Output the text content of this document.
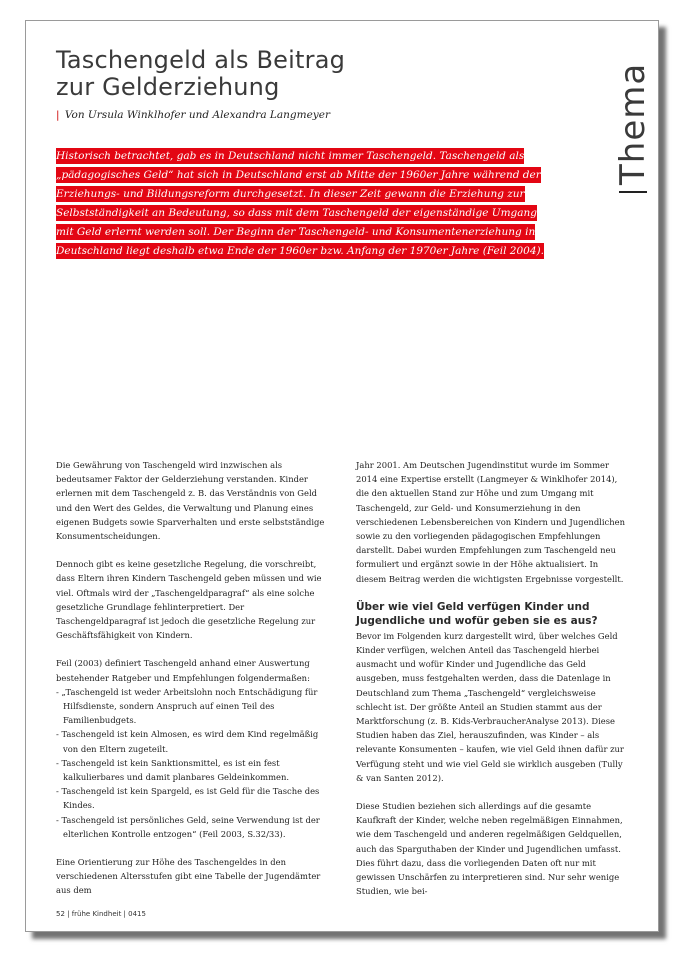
Taschengeld als Beitrag
zur Gelderziehung
| Von Ursula Winklhofer und Alexandra Langmeyer	Thema
Historisch betrachtet, gab es in Deutschland nicht immer Taschengeld. Taschengeld als „pädagogisches Geld“ hat sich in Deutschland erst ab Mitte der 1960er Jahre während der Erziehungs- und Bildungsreform durchgesetzt. In dieser Zeit gewann die Erziehung zur Selbstständigkeit an Bedeutung, so dass mit dem Taschengeld der eigenständige Umgang mit Geld erlernt werden soll. Der Beginn der Taschengeld- und Konsumentenerziehung in Deutschland liegt deshalb etwa Ende der 1960er bzw. Anfang der 1970er Jahre (Feil 2004).

Die Gewährung von Taschengeld wird inzwischen als bedeutsamer Faktor der Gelderziehung verstanden. Kinder erlernen mit dem Taschengeld z. B. das Verständnis von Geld und den Wert des Geldes, die Verwaltung und Planung eines eigenen Budgets sowie Sparverhalten und erste selbstständige Konsumentscheidungen.

Dennoch gibt es keine gesetzliche Regelung, die vorschreibt, dass Eltern ihren Kindern Taschengeld geben müssen und wie viel. Oftmals wird der „Taschengeldparagraf“ als eine solche gesetzliche Grundlage fehlinterpretiert. Der Taschengeldparagraf ist jedoch die gesetzliche Regelung zur Geschäftsfähigkeit von Kindern.

Feil (2003) definiert Taschengeld anhand einer Auswertung bestehender Ratgeber und Empfehlungen folgendermaßen:

- „Taschengeld ist weder Arbeitslohn noch Entschädigung für Hilfsdienste, sondern Anspruch auf einen Teil des Familienbudgets.
- Taschengeld ist kein Almosen, es wird dem Kind regelmäßig von den Eltern zugeteilt.
- Taschengeld ist kein Sanktionsmittel, es ist ein fest kalkulierbares und damit planbares Geldeinkommen.
- Taschengeld ist kein Spargeld, es ist Geld für die Tasche des Kindes.
- Taschengeld ist persönliches Geld, seine Verwendung ist der elterlichen Kontrolle entzogen“ (Feil 2003, S.32/33).

Eine Orientierung zur Höhe des Taschengeldes in den verschiedenen Altersstufen gibt eine Tabelle der Jugendämter aus dem

Jahr 2001. Am Deutschen Jugendinstitut wurde im Sommer 2014 eine Expertise erstellt (Langmeyer & Winklhofer 2014), die den aktuellen Stand zur Höhe und zum Umgang mit Taschengeld, zur Geld- und Konsumerziehung in den verschiedenen Lebensbereichen von Kindern und Jugendlichen sowie zu den vorliegenden pädagogischen Empfehlungen darstellt. Dabei wurden Empfehlungen zum Taschengeld neu formuliert und ergänzt sowie in der Höhe aktualisiert. In diesem Beitrag werden die wichtigsten Ergebnisse vorgestellt.

Über wie viel Geld verfügen Kinder und Jugendliche und wofür geben sie es aus?

Bevor im Folgenden kurz dargestellt wird, über welches Geld Kinder verfügen, welchen Anteil das Taschengeld hierbei ausmacht und wofür Kinder und Jugendliche das Geld ausgeben, muss festgehalten werden, dass die Datenlage in Deutschland zum Thema „Taschengeld“ vergleichsweise schlecht ist. Der größte Anteil an Studien stammt aus der Marktforschung (z. B. Kids-VerbraucherAnalyse 2013). Diese Studien haben das Ziel, herauszufinden, was Kinder – als relevante Konsumenten – kaufen, wie viel Geld ihnen dafür zur Verfügung steht und wie viel Geld sie wirklich ausgeben (Tully & van Santen 2012).

Diese Studien beziehen sich allerdings auf die gesamte Kaufkraft der Kinder, welche neben regelmäßigen Einnahmen, wie dem Taschengeld und anderen regelmäßigen Geldquellen, auch das Sparguthaben der Kinder und Jugendlichen umfasst. Dies führt dazu, dass die vorliegenden Daten oft nur mit gewissen Unschärfen zu interpretieren sind. Nur sehr wenige Studien, wie bei-

52 | frühe Kindheit | 0415
